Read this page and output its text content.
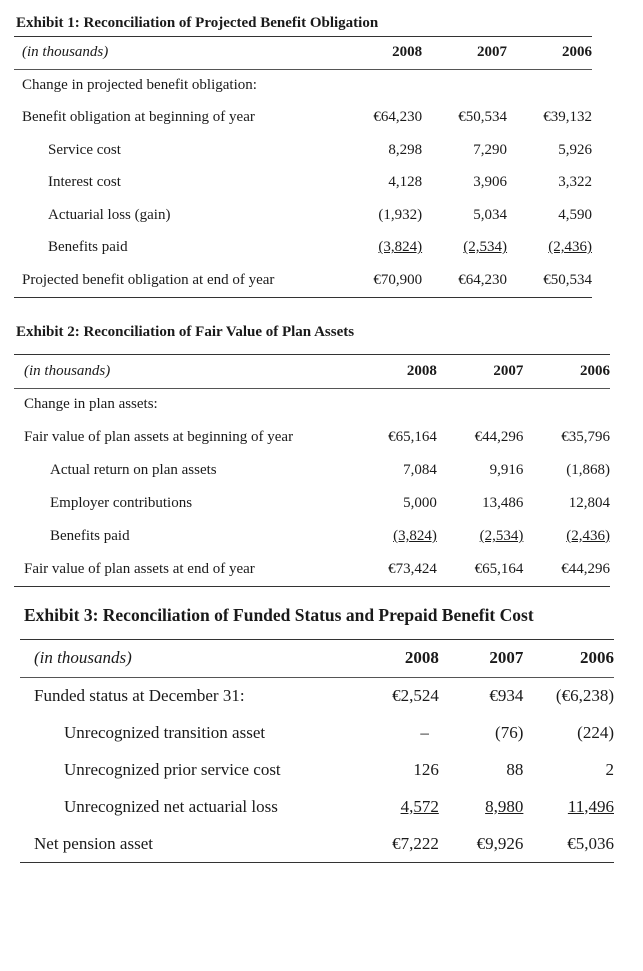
Exhibit 1: Reconciliation of Projected Benefit Obligation
(in thousands)	2008	2007	2006
Change in projected benefit obligation:			
Benefit obligation at beginning of year	€64,230	€50,534	€39,132
Service cost	8,298	7,290	5,926
Interest cost	4,128	3,906	3,322
Actuarial loss (gain)	(1,932)	5,034	4,590
Benefits paid	(3,824)	(2,534)	(2,436)
Projected benefit obligation at end of year	€70,900	€64,230	€50,534
Exhibit 2: Reconciliation of Fair Value of Plan Assets
(in thousands)	2008	2007	2006
Change in plan assets:			
Fair value of plan assets at beginning of year	€65,164	€44,296	€35,796
Actual return on plan assets	7,084	9,916	(1,868)
Employer contributions	5,000	13,486	12,804
Benefits paid	(3,824)	(2,534)	(2,436)
Fair value of plan assets at end of year	€73,424	€65,164	€44,296
Exhibit 3: Reconciliation of Funded Status and Prepaid Benefit Cost
(in thousands)	2008	2007	2006
Funded status at December 31:	€2,524	€934	(€6,238)
Unrecognized transition asset	–	(76)	(224)
Unrecognized prior service cost	126	88	2
Unrecognized net actuarial loss	4,572	8,980	11,496
Net pension asset	€7,222	€9,926	€5,036
